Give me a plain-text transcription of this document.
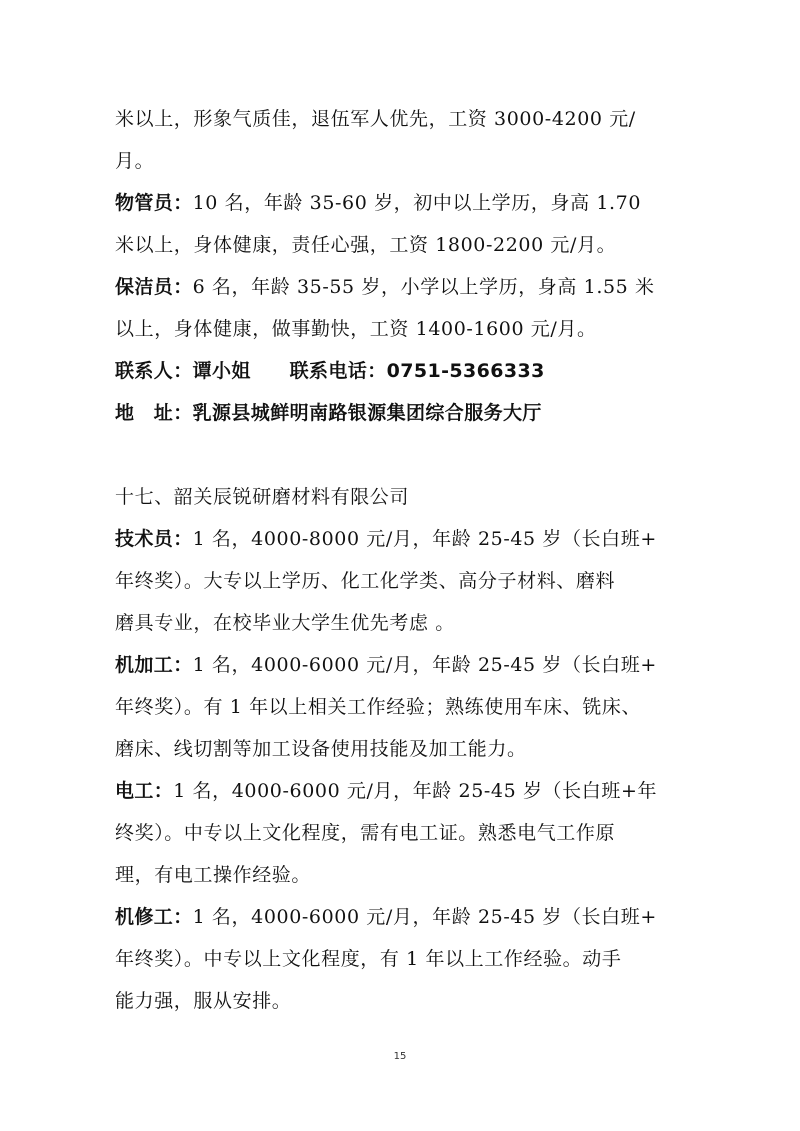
米以上，形象气质佳，退伍军人优先，工资 3000-4200 元/
月。
物管员：10 名，年龄 35-60 岁，初中以上学历，身高 1.70
米以上，身体健康，责任心强，工资 1800-2200 元/月。
保洁员：6 名，年龄 35-55 岁，小学以上学历，身高 1.55 米
以上，身体健康，做事勤快，工资 1400-1600 元/月。
联系人：谭小姐　　联系电话：0751-5366333
地　址：乳源县城鲜明南路银源集团综合服务大厅
十七、韶关辰锐研磨材料有限公司
技术员：1 名，4000-8000 元/月，年龄 25-45 岁（长白班+
年终奖）。大专以上学历、化工化学类、高分子材料、磨料
磨具专业，在校毕业大学生优先考虑 。
机加工：1 名，4000-6000 元/月，年龄 25-45 岁（长白班+
年终奖）。有 1 年以上相关工作经验；熟练使用车床、铣床、
磨床、线切割等加工设备使用技能及加工能力。
电工：1 名，4000-6000 元/月，年龄 25-45 岁（长白班+年
终奖）。中专以上文化程度，需有电工证。熟悉电气工作原
理，有电工操作经验。
机修工：1 名，4000-6000 元/月，年龄 25-45 岁（长白班+
年终奖）。中专以上文化程度，有 1 年以上工作经验。动手
能力强，服从安排。
15
